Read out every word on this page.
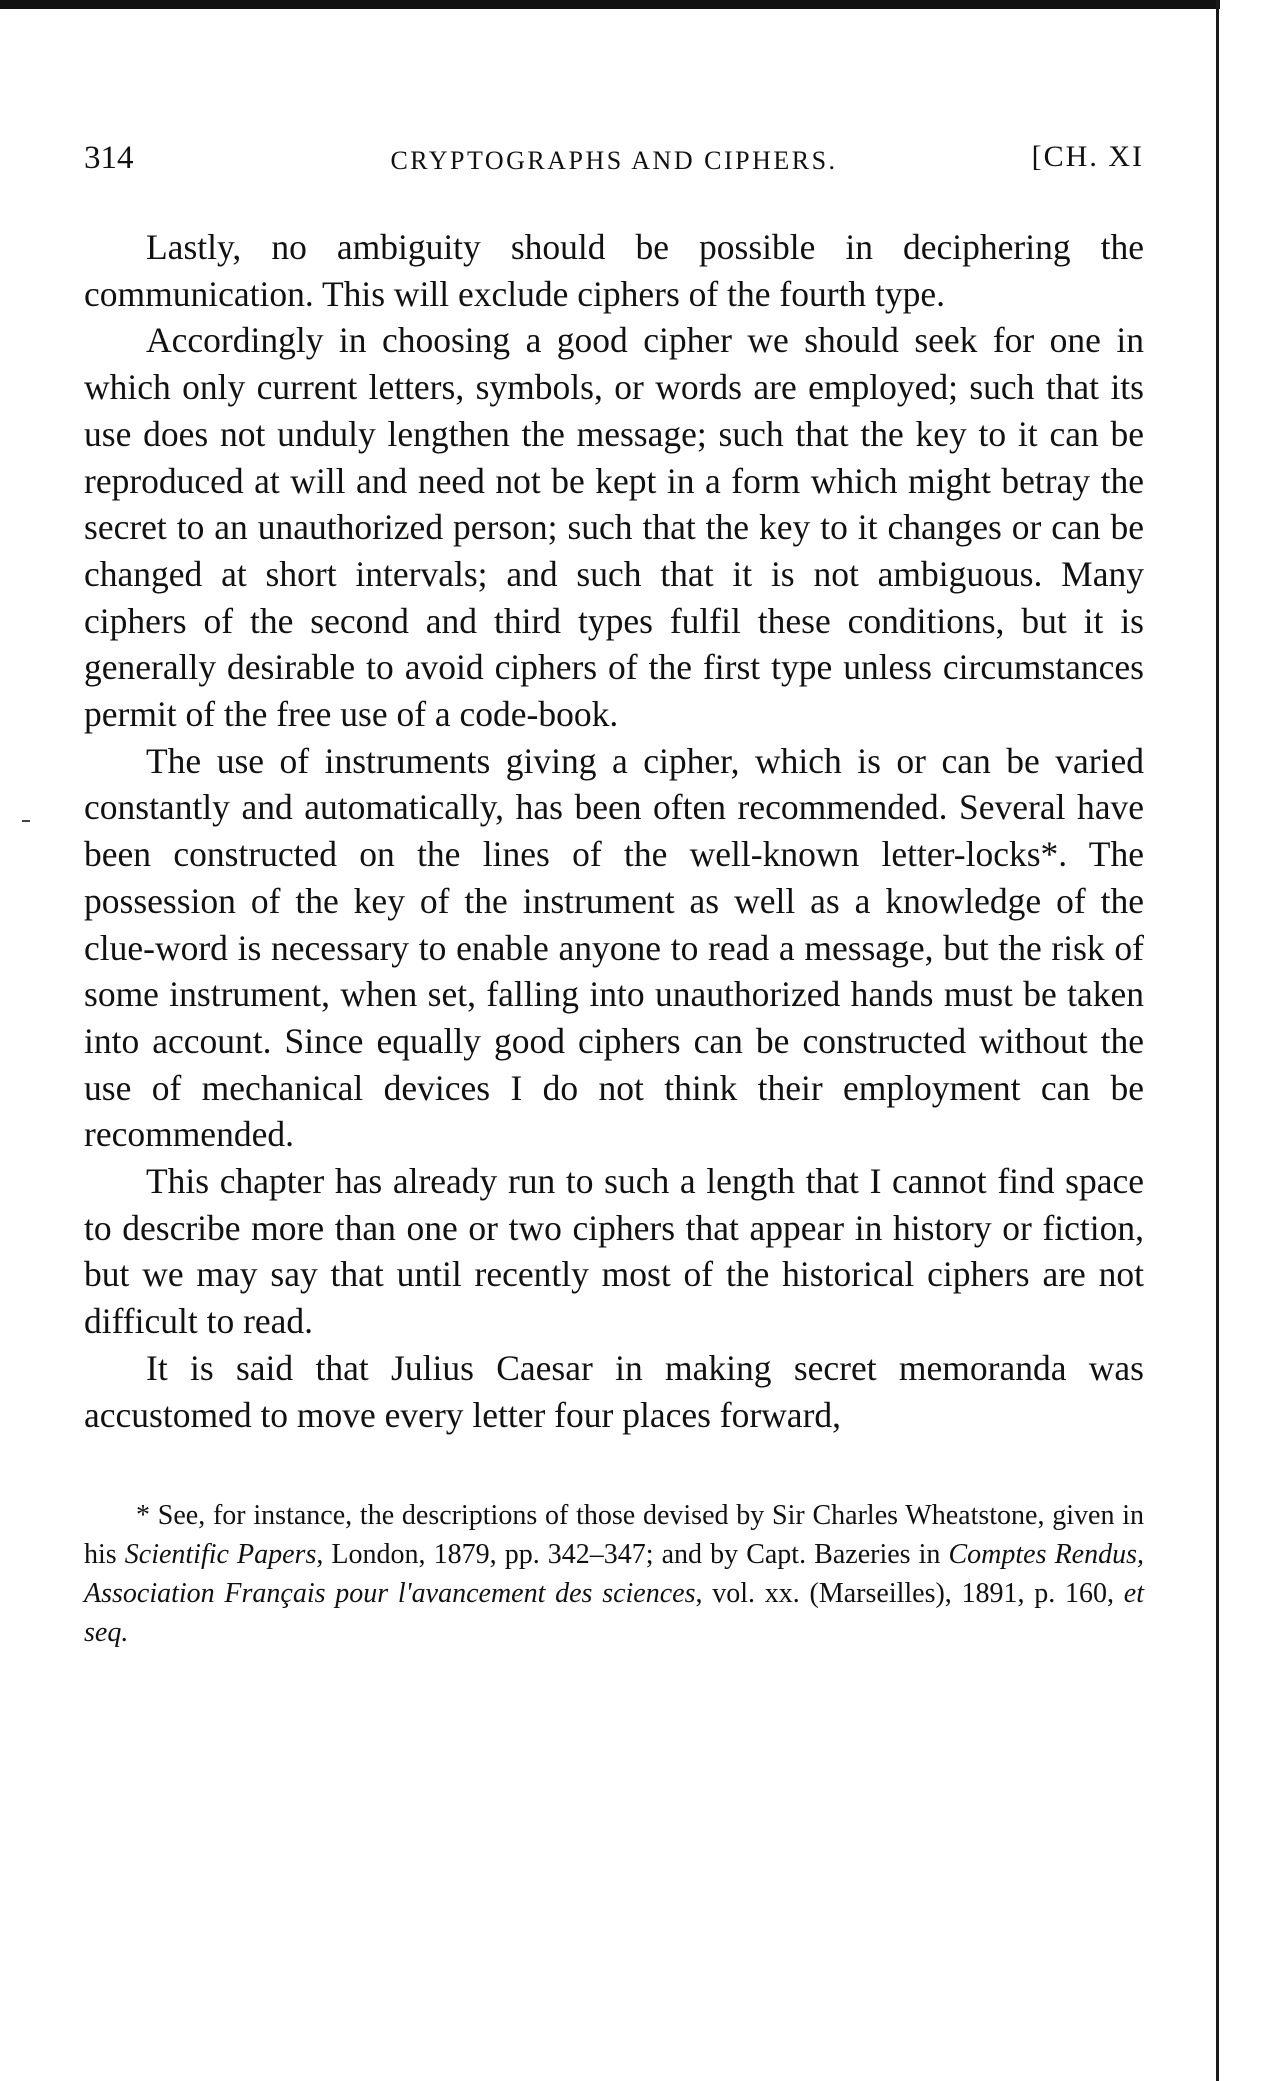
314	CRYPTOGRAPHS AND CIPHERS.	[CH. XI

Lastly, no ambiguity should be possible in deciphering the communication. This will exclude ciphers of the fourth type.

Accordingly in choosing a good cipher we should seek for one in which only current letters, symbols, or words are employed; such that its use does not unduly lengthen the message; such that the key to it can be reproduced at will and need not be kept in a form which might betray the secret to an unauthorized person; such that the key to it changes or can be changed at short intervals; and such that it is not ambiguous. Many ciphers of the second and third types fulfil these conditions, but it is generally desirable to avoid ciphers of the first type unless circumstances permit of the free use of a code-book.

The use of instruments giving a cipher, which is or can be varied constantly and automatically, has been often recommended. Several have been constructed on the lines of the well-known letter-locks*. The possession of the key of the instrument as well as a knowledge of the clue-word is necessary to enable anyone to read a message, but the risk of some instrument, when set, falling into unauthorized hands must be taken into account. Since equally good ciphers can be constructed without the use of mechanical devices I do not think their employment can be recommended.

This chapter has already run to such a length that I cannot find space to describe more than one or two ciphers that appear in history or fiction, but we may say that until recently most of the historical ciphers are not difficult to read.

It is said that Julius Caesar in making secret memoranda was accustomed to move every letter four places forward,

* See, for instance, the descriptions of those devised by Sir Charles Wheatstone, given in his Scientific Papers, London, 1879, pp. 342–347; and by Capt. Bazeries in Comptes Rendus, Association Français pour l'avancement des sciences, vol. xx. (Marseilles), 1891, p. 160, et seq.
